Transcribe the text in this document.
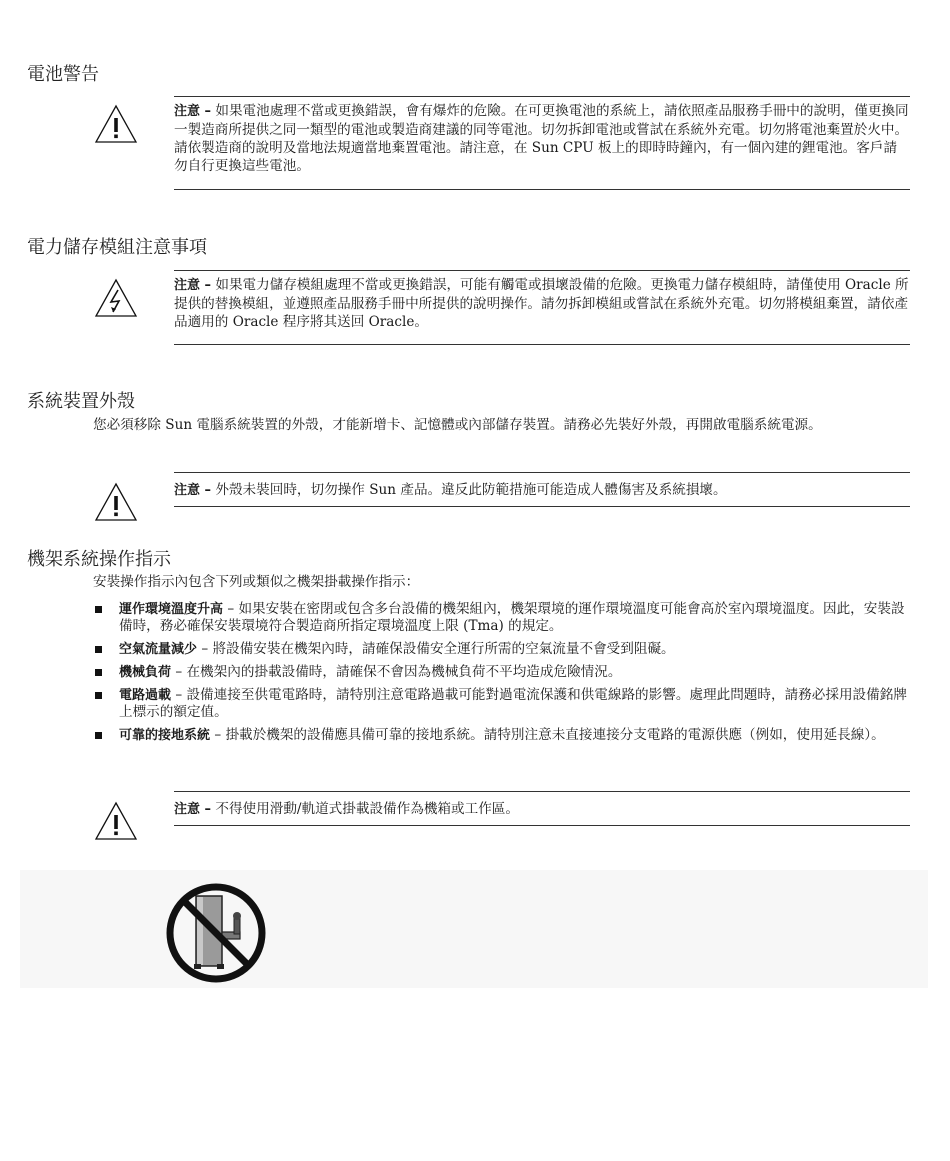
電池警告
注意 – 如果電池處理不當或更換錯誤，會有爆炸的危險。在可更換電池的系統上，請依照產品服務手冊中的說明，僅更換同一製造商所提供之同一類型的電池或製造商建議的同等電池。切勿拆卸電池或嘗試在系統外充電。切勿將電池棄置於火中。請依製造商的說明及當地法規適當地棄置電池。請注意，在 Sun CPU 板上的即時時鐘內，有一個內建的鋰電池。客戶請勿自行更換這些電池。
電力儲存模組注意事項
注意 – 如果電力儲存模組處理不當或更換錯誤，可能有觸電或損壞設備的危險。更換電力儲存模組時，請僅使用 Oracle 所提供的替換模組，並遵照產品服務手冊中所提供的說明操作。請勿拆卸模組或嘗試在系統外充電。切勿將模組棄置，請依產品適用的 Oracle 程序將其送回 Oracle。
系統裝置外殼

您必須移除 Sun 電腦系統裝置的外殼，才能新增卡、記憶體或內部儲存裝置。請務必先裝好外殼，再開啟電腦系統電源。

注意 – 外殼未裝回時，切勿操作 Sun 產品。違反此防範措施可能造成人體傷害及系統損壞。
機架系統操作指示

安裝操作指示內包含下列或類似之機架掛載操作指示：

運作環境溫度升高 – 如果安裝在密閉或包含多台設備的機架組內，機架環境的運作環境溫度可能會高於室內環境溫度。因此，安裝設備時，務必確保安裝環境符合製造商所指定環境溫度上限 (Tma) 的規定。
空氣流量減少 – 將設備安裝在機架內時，請確保設備安全運行所需的空氣流量不會受到阻礙。
機械負荷 – 在機架內的掛載設備時，請確保不會因為機械負荷不平均造成危險情況。
電路過載 – 設備連接至供電電路時，請特別注意電路過載可能對過電流保護和供電線路的影響。處理此問題時，請務必採用設備銘牌上標示的額定值。
可靠的接地系統 – 掛載於機架的設備應具備可靠的接地系統。請特別注意未直接連接分支電路的電源供應（例如，使用延長線）。
注意 – 不得使用滑動/軌道式掛載設備作為機箱或工作區。
